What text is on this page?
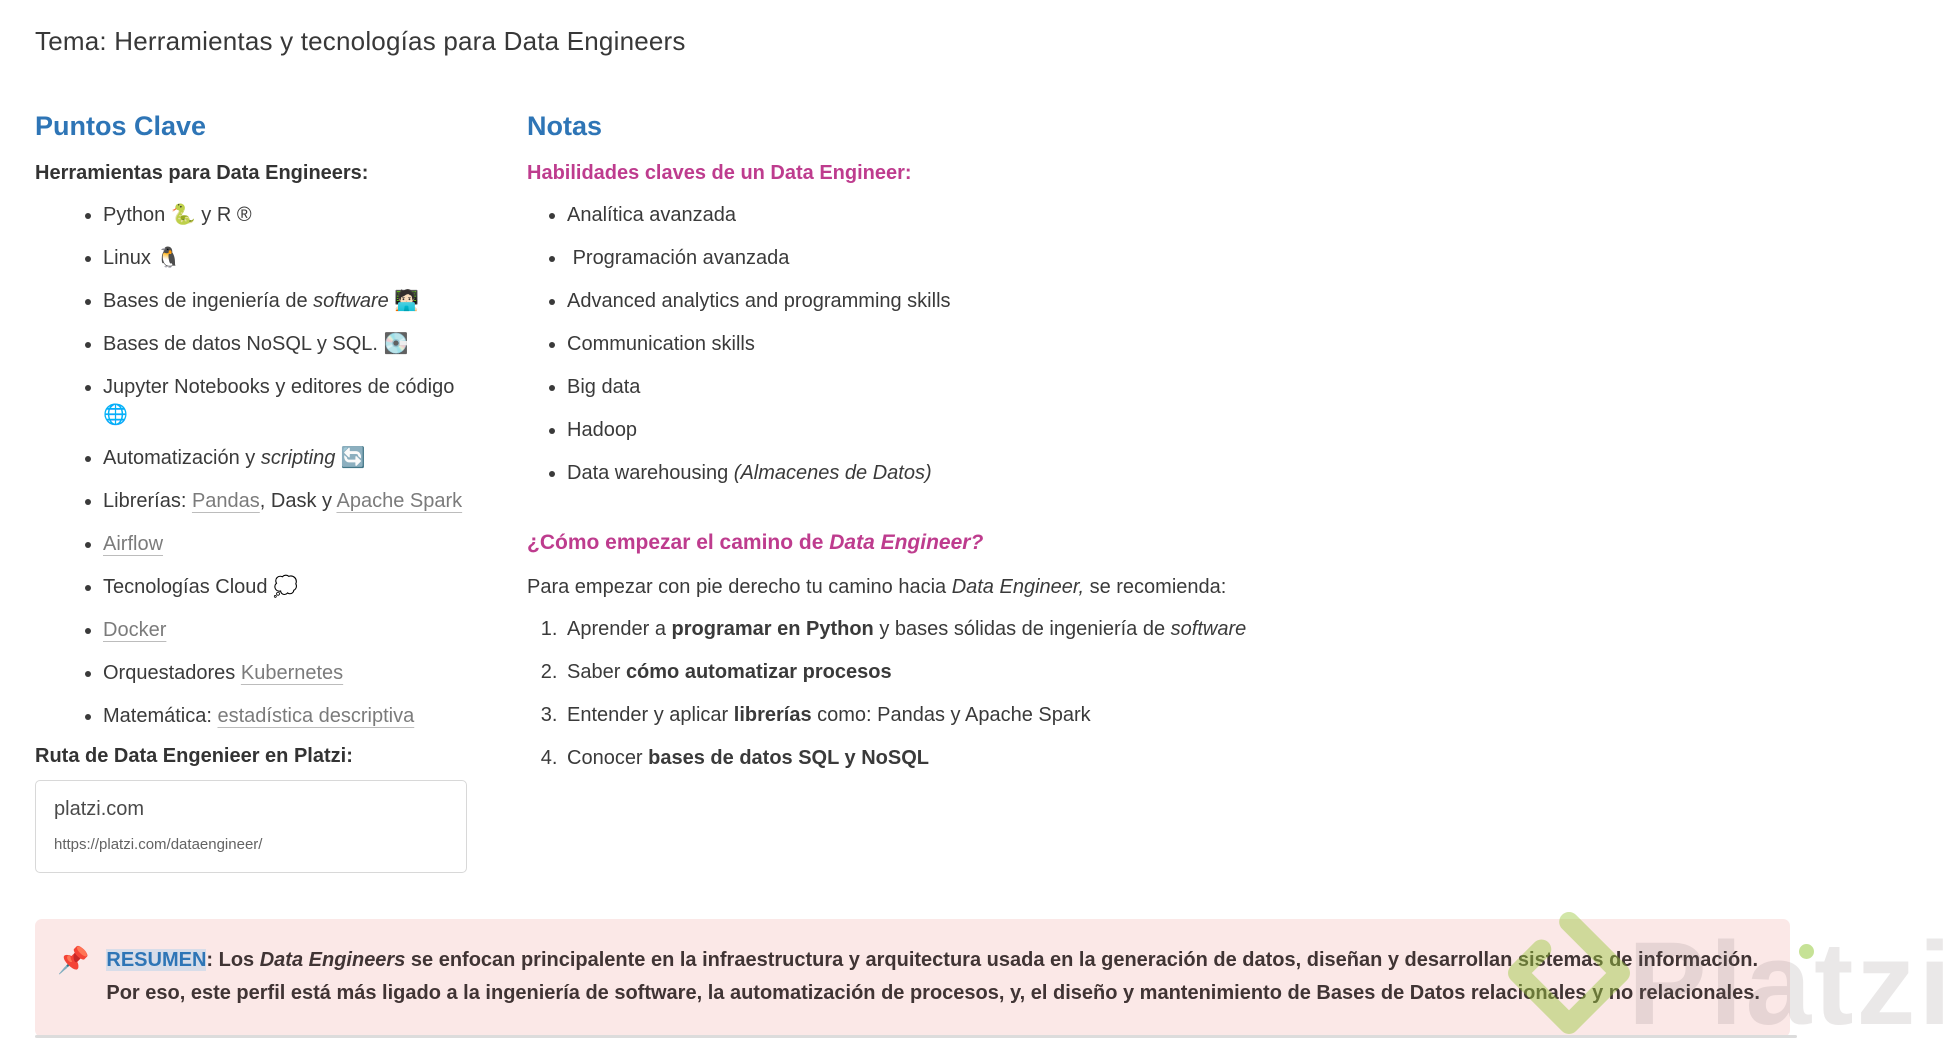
Tema: Herramientas y tecnologías para Data Engineers
Puntos Clave
Herramientas para Data Engineers:
• Python 🐍 y R ®
• Linux 🐧
• Bases de ingeniería de software 🧑🏻‍💻
• Bases de datos NoSQL y SQL. 💽
• Jupyter Notebooks y editores de código 🌐
• Automatización y scripting 🔄
• Librerías: Pandas, Dask y Apache Spark
• Airflow
• Tecnologías Cloud 💭
• Docker
• Orquestadores Kubernetes
• Matemática: estadística descriptiva
Ruta de Data Engenieer en Platzi:
platzi.com
https://platzi.com/dataengineer/
Notas
Habilidades claves de un Data Engineer:
• Analítica avanzada
•  Programación avanzada
• Advanced analytics and programming skills
• Communication skills
• Big data
• Hadoop
• Data warehousing (Almacenes de Datos)
¿Cómo empezar el camino de Data Engineer?

Para empezar con pie derecho tu camino hacia Data Engineer, se recomienda:

1. Aprender a programar en Python y bases sólidas de ingeniería de software
2. Saber cómo automatizar procesos
3. Entender y aplicar librerías como: Pandas y Apache Spark
4. Conocer bases de datos SQL y NoSQL
📌 RESUMEN: Los Data Engineers se enfocan principalente en la infraestructura y arquitectura usada en la generación de datos, diseñan y desarrollan sistemas de información.
Por eso, este perfil está más ligado a la ingeniería de software, la automatización de procesos, y, el diseño y mantenimiento de Bases de Datos relacionales y no relacionales.
Platzi
